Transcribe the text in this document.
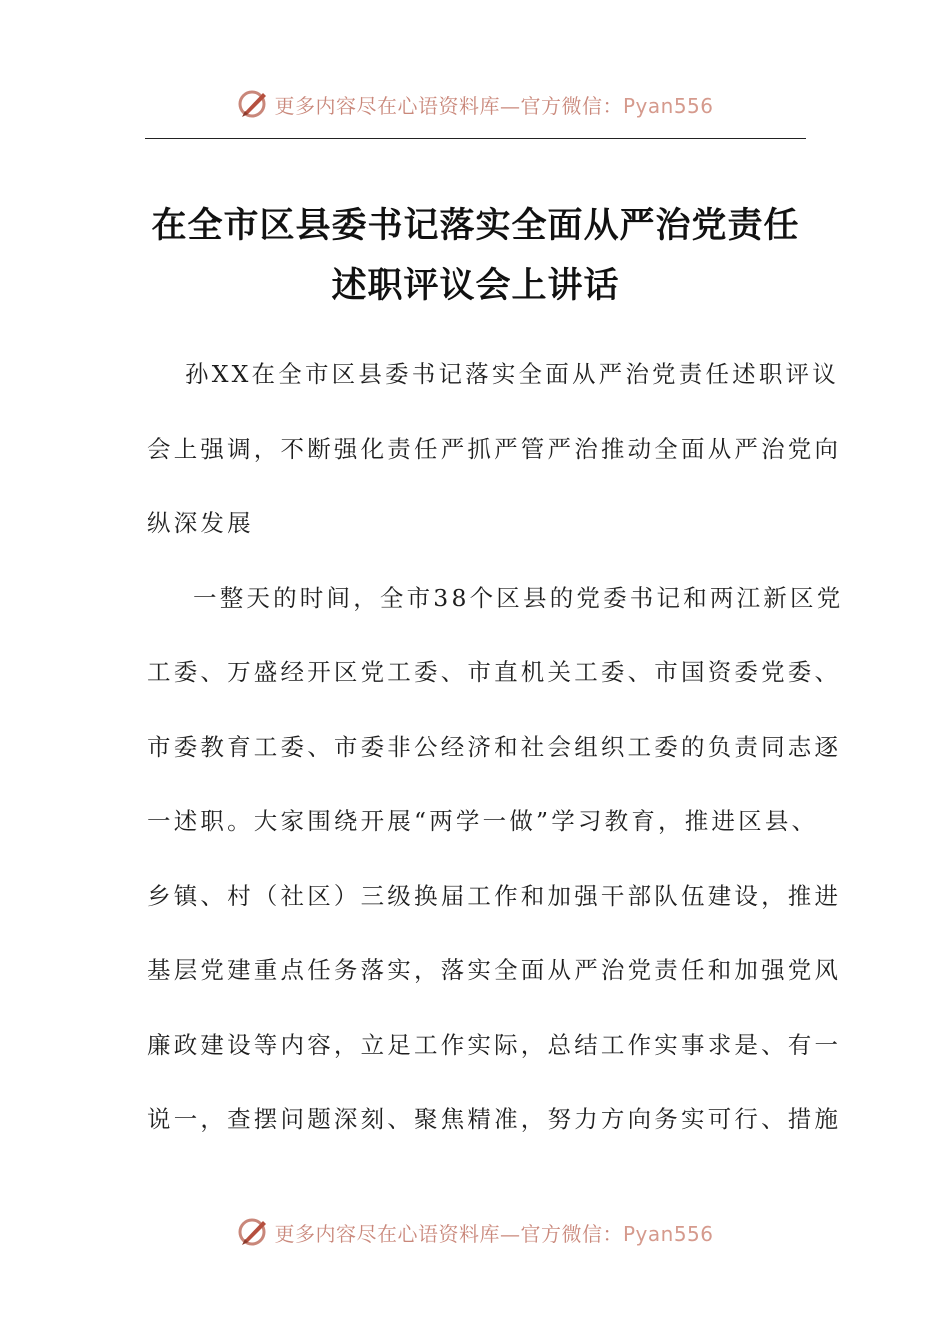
更多内容尽在心语资料库—官方微信：Pyan556
在全市区县委书记落实全面从严治党责任
述职评议会上讲话
孙XX在全市区县委书记落实全面从严治党责任述职评议
会上强调，不断强化责任严抓严管严治推动全面从严治党向
纵深发展
一整天的时间，全市38个区县的党委书记和两江新区党
工委、万盛经开区党工委、市直机关工委、市国资委党委、
市委教育工委、市委非公经济和社会组织工委的负责同志逐
一述职。大家围绕开展“两学一做”学习教育，推进区县、
乡镇、村（社区）三级换届工作和加强干部队伍建设，推进
基层党建重点任务落实，落实全面从严治党责任和加强党风
廉政建设等内容，立足工作实际，总结工作实事求是、有一
说一，查摆问题深刻、聚焦精准，努力方向务实可行、措施
更多内容尽在心语资料库—官方微信：Pyan556
